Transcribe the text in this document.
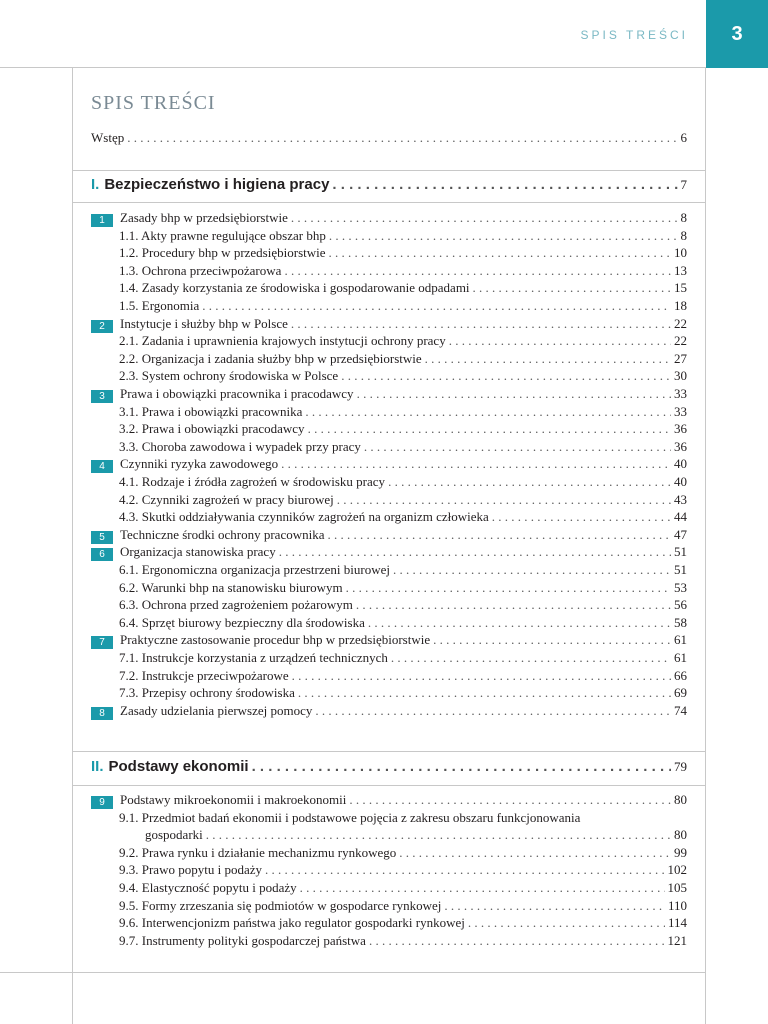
SPIS TREŚCI 3
SPIS TREŚCI
Wstęp . . .	6
I. Bezpieczeństwo i higiena pracy . . .	7
1 Zasady bhp w przedsiębiorstwie . . .	8
1.1. Akty prawne regulujące obszar bhp . . .	8
1.2. Procedury bhp w przedsiębiorstwie . . .	10
1.3. Ochrona przeciwpożarowa . . .	13
1.4. Zasady korzystania ze środowiska i gospodarowanie odpadami . . .	15
1.5. Ergonomia . . .	18
2 Instytucje i służby bhp w Polsce . . .	22
2.1. Zadania i uprawnienia krajowych instytucji ochrony pracy . . .	22
2.2. Organizacja i zadania służby bhp w przedsiębiorstwie . . .	27
2.3. System ochrony środowiska w Polsce . . .	30
3 Prawa i obowiązki pracownika i pracodawcy . . .	33
3.1. Prawa i obowiązki pracownika . . .	33
3.2. Prawa i obowiązki pracodawcy . . .	36
3.3. Choroba zawodowa i wypadek przy pracy . . .	36
4 Czynniki ryzyka zawodowego . . .	40
4.1. Rodzaje i źródła zagrożeń w środowisku pracy . . .	40
4.2. Czynniki zagrożeń w pracy biurowej . . .	43
4.3. Skutki oddziaływania czynników zagrożeń na organizm człowieka . . .	44
5 Techniczne środki ochrony pracownika . . .	47
6 Organizacja stanowiska pracy . . .	51
6.1. Ergonomiczna organizacja przestrzeni biurowej . . .	51
6.2. Warunki bhp na stanowisku biurowym . . .	53
6.3. Ochrona przed zagrożeniem pożarowym . . .	56
6.4. Sprzęt biurowy bezpieczny dla środowiska . . .	58
7 Praktyczne zastosowanie procedur bhp w przedsiębiorstwie . . .	61
7.1. Instrukcje korzystania z urządzeń technicznych . . .	61
7.2. Instrukcje przeciwpożarowe . . .	66
7.3. Przepisy ochrony środowiska . . .	69
8 Zasady udzielania pierwszej pomocy . . .	74
II. Podstawy ekonomii . . .	79
9 Podstawy mikroekonomii i makroekonomii . . .	80
9.1. Przedmiot badań ekonomii i podstawowe pojęcia z zakresu obszaru funkcjonowania
gospodarki . . .	80
9.2. Prawa rynku i działanie mechanizmu rynkowego . . .	99
9.3. Prawo popytu i podaży . . .	102
9.4. Elastyczność popytu i podaży . . .	105
9.5. Formy zrzeszania się podmiotów w gospodarce rynkowej . . .	110
9.6. Interwencjonizm państwa jako regulator gospodarki rynkowej . . .	114
9.7. Instrumenty polityki gospodarczej państwa . . .	121
